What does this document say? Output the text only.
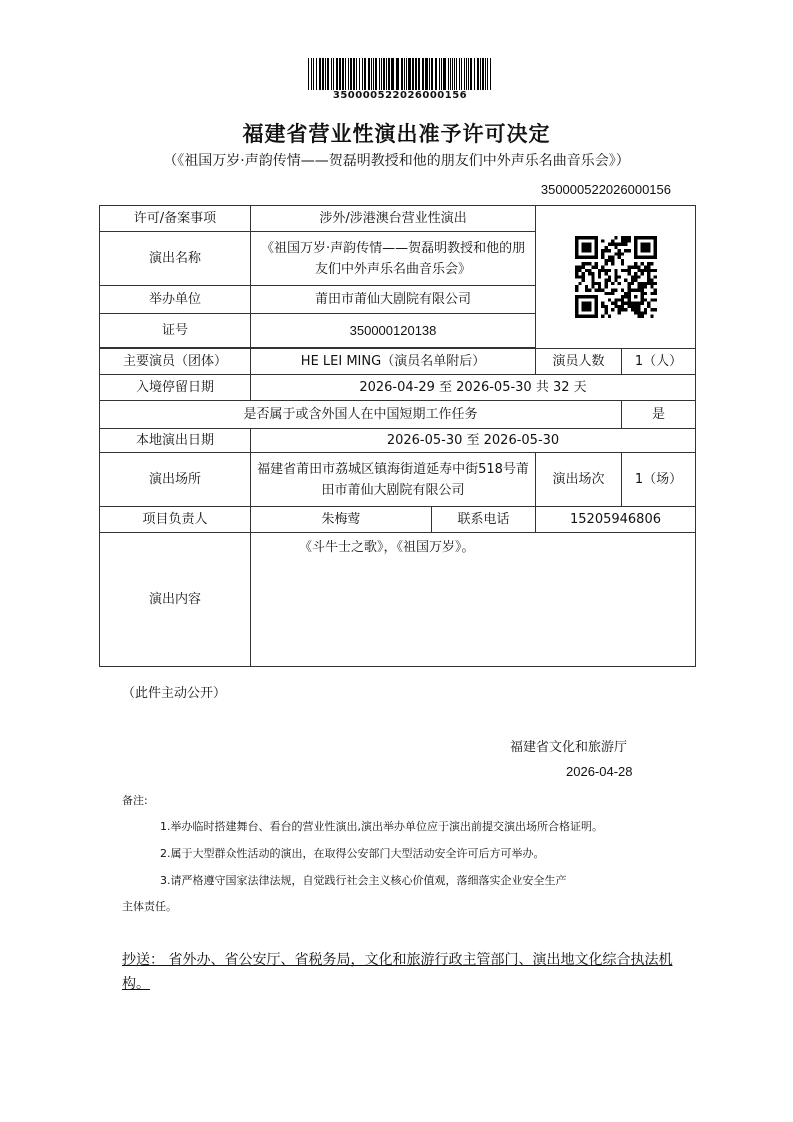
350000522026000156
福建省营业性演出准予许可决定
（《祖国万岁·声韵传情——贺磊明教授和他的朋友们中外声乐名曲音乐会》）
350000522026000156
许可/备案事项	涉外/涉港澳台营业性演出	

演出名称	《祖国万岁·声韵传情——贺磊明教授和他的朋友们中外声乐名曲音乐会》			
举办单位	莆田市莆仙大剧院有限公司			
证号	350000120138			

主要演员（团体）	HE LEI MING（演员名单附后）		演员人数	1（人）
入境停留日期	2026-04-29 至 2026-05-30 共 32 天			
是否属于或含外国人在中国短期工作任务				是
本地演出日期	2026-05-30 至 2026-05-30			
演出场所	福建省莆田市荔城区镇海街道延寿中街518号莆田市莆仙大剧院有限公司		演出场次	1（场）
项目负责人	朱梅莺	联系电话	15205946806	
演出内容	《斗牛士之歌》，《祖国万岁》。			
（此件主动公开）
福建省文化和旅游厅
2026-04-28
备注:
1.举办临时搭建舞台、看台的营业性演出,演出举办单位应于演出前提交演出场所合格证明。
2.属于大型群众性活动的演出，在取得公安部门大型活动安全许可后方可举办。
3.请严格遵守国家法律法规，自觉践行社会主义核心价值观，落细落实企业安全生产
主体责任。
抄送： 省外办、省公安厅、省税务局，文化和旅游行政主管部门、演出地文化综合执法机构。
